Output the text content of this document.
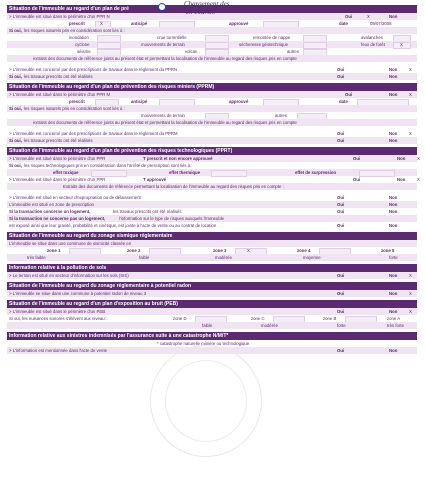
Situation de l'immeuble au regard d'un plan de pré
> L'immeuble est situé dans le périmètre d'un PPR N	Oui	X	Non
prescrit	X	anticipé	approuvé	date	09/07/2008
Si oui, les risques naturels pris en considération sont liés à :
inondation	crue torrentielle	remontée de nappe	avalanches
cyclone	mouvements de terrain	sécheresse géotechnique	feux de forêt	X
séisme	volcan	autres
extraits des documents de référence joints au présent état et permettant la localisation de l'immeuble au regard des risques pris en compte
> L'immeuble est concerné par des prescriptions de travaux dans le règlement du PPRN	Oui	Non	X
Si oui, les travaux prescrits ont été réalisés	Oui	Non
Situation de l'immeuble au regard d'un plan de prévention des risques miniers (PPRM)
> L'immeuble est situé dans le périmètre d'un PPR M	Oui	Non	X
prescrit	anticipé	approuvé	date
Si oui, les risques naturels pris en considération sont liés à :
mouvements de terrain	autres
extraits des documents de référence joints au présent état et permettant la localisation de l'immeuble au regard des risques pris en compte
> L'immeuble est concerné par des prescriptions de travaux dans le règlement du PPRM	Oui	Non	X
Si oui, les travaux prescrits ont été réalisés	Oui	Non
Situation de l'immeuble au regard d'un plan de prévention des risques technologiques (PPRT)
> L'immeuble est situé dans le périmètre d'un PPR	T prescrit et non encore approuvé	Oui	Non	X
Si oui, les risques technologiques pris en considération dans l'arrêté de prescription sont liés à :
effet toxique	effet thermique	effet de surpression
> L'immeuble est situé dans le périmètre d'un PPR	T approuvé	Oui	Non	X
Extraits des documents de référence permettant la localisation de l'immeuble au regard des risques pris en compte :
> L'immeuble est situé en secteur d'expropriation ou de délaissement	Oui	Non
L'immeuble est situé en zone de prescription	Oui	Non
Si la transaction concerne un logement,	les travaux prescrits ont été réalisés	Oui	Non
Si la transaction ne concerne pas un logement,	l'information sur le type de risques auxquels l'immeuble
est exposé ainsi que leur gravité, probabilité et cinétique, est jointe à l'acte de vente ou au contrat de location	Oui	Non
Situation de l'immeuble au regard du zonage sismique réglementaire
L'immeuble se situe dans une commune de sismicité classée en
zone 1	zone 2	zone 3	X	zone 4	zone 5
très faible	faible	modérée	moyenne	forte
Information relative à la pollution de sols
> Le terrain est situé en secteur d'information sur les sols (SIS)	Oui	Non	X
Situation de l'immeuble au regard du zonage réglementaire à potentiel radon
> L'immeuble se situe dans une commune à potentiel radon de niveau 3	Oui	Non	X
Situation de l'immeuble au regard d'un plan d'exposition au bruit (PEB)
> L'immeuble est situé dans le périmètre d'un PEB	Oui	Non	X
Si oui, les nuisances sonores s'élèvent aux niveau:	zone D	zone C	zone B	zone A
faible	modérée	forte	très forte
Information relative aux sinistres indemnisés par l'assurance suite à une catastrophe N/M/T*
* catastrophe naturelle minière ou technologique
> L'information est mentionnée dans l'acte de vente	Oui	Non
Chargement des
en cours...
